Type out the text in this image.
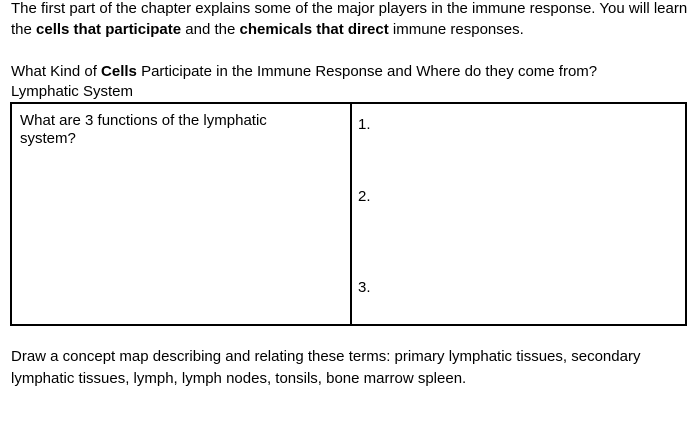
The first part of the chapter explains some of the major players in the immune response. You will learn the cells that participate and the chemicals that direct immune responses.

What Kind of Cells Participate in the Immune Response and Where do they come from?
Lymphatic System

What are 3 functions of the lymphatic system?
1.
2.
3.

Draw a concept map describing and relating these terms: primary lymphatic tissues, secondary lymphatic tissues, lymph, lymph nodes, tonsils, bone marrow spleen.
